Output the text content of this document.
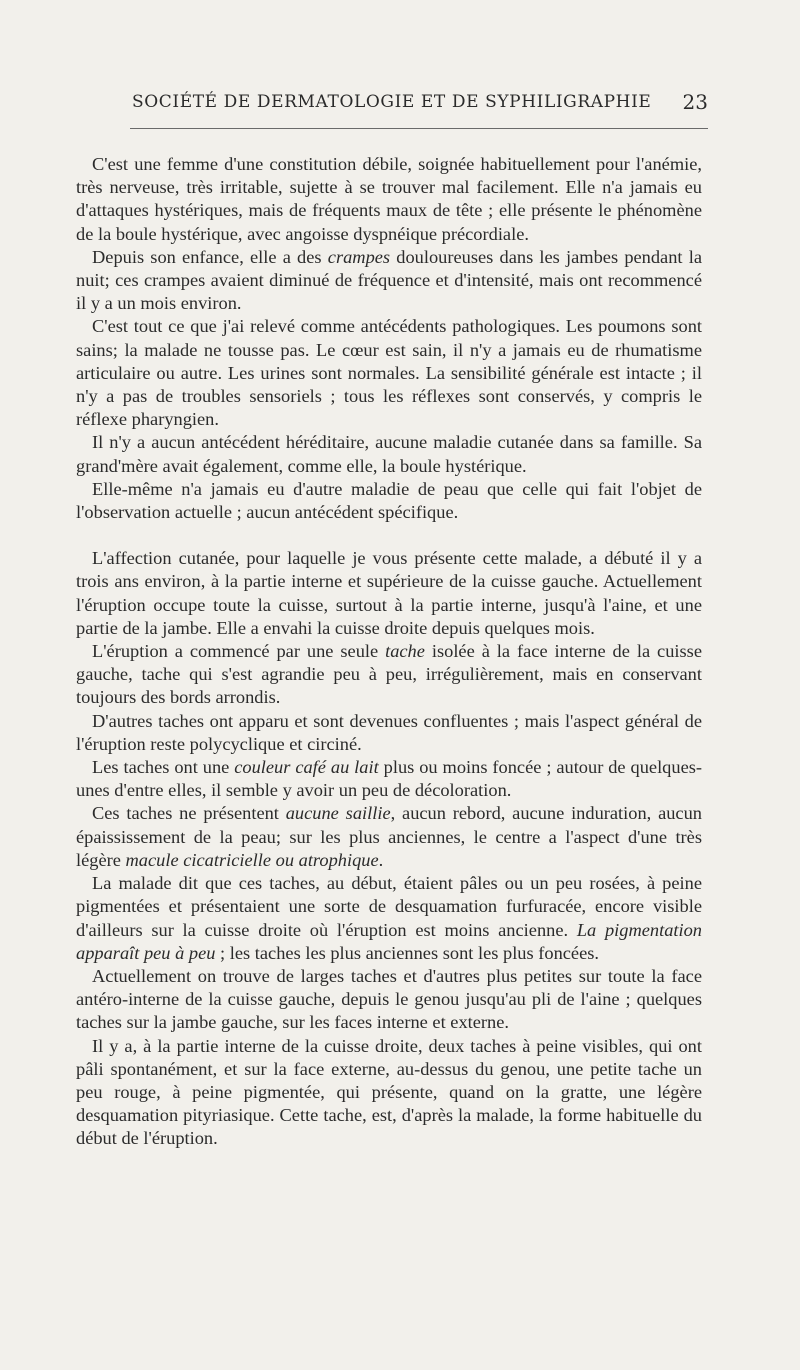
SOCIÉTÉ DE DERMATOLOGIE ET DE SYPHILIGRAPHIE 23

C'est une femme d'une constitution débile, soignée habituellement pour l'anémie, très nerveuse, très irritable, sujette à se trouver mal facilement. Elle n'a jamais eu d'attaques hystériques, mais de fréquents maux de tête ; elle présente le phénomène de la boule hystérique, avec angoisse dyspnéique précordiale.

Depuis son enfance, elle a des crampes douloureuses dans les jambes pendant la nuit; ces crampes avaient diminué de fréquence et d'intensité, mais ont recommencé il y a un mois environ.

C'est tout ce que j'ai relevé comme antécédents pathologiques. Les poumons sont sains; la malade ne tousse pas. Le cœur est sain, il n'y a jamais eu de rhumatisme articulaire ou autre. Les urines sont normales. La sensibilité générale est intacte ; il n'y a pas de troubles sensoriels ; tous les réflexes sont conservés, y compris le réflexe pharyngien.

Il n'y a aucun antécédent héréditaire, aucune maladie cutanée dans sa famille. Sa grand'mère avait également, comme elle, la boule hystérique.

Elle-même n'a jamais eu d'autre maladie de peau que celle qui fait l'objet de l'observation actuelle ; aucun antécédent spécifique.

L'affection cutanée, pour laquelle je vous présente cette malade, a débuté il y a trois ans environ, à la partie interne et supérieure de la cuisse gauche. Actuellement l'éruption occupe toute la cuisse, surtout à la partie interne, jusqu'à l'aine, et une partie de la jambe. Elle a envahi la cuisse droite depuis quelques mois.

L'éruption a commencé par une seule tache isolée à la face interne de la cuisse gauche, tache qui s'est agrandie peu à peu, irrégulièrement, mais en conservant toujours des bords arrondis.

D'autres taches ont apparu et sont devenues confluentes ; mais l'aspect général de l'éruption reste polycyclique et circiné.

Les taches ont une couleur café au lait plus ou moins foncée ; autour de quelques-unes d'entre elles, il semble y avoir un peu de décoloration.

Ces taches ne présentent aucune saillie, aucun rebord, aucune induration, aucun épaississement de la peau; sur les plus anciennes, le centre a l'aspect d'une très légère macule cicatricielle ou atrophique.

La malade dit que ces taches, au début, étaient pâles ou un peu rosées, à peine pigmentées et présentaient une sorte de desquamation furfuracée, encore visible d'ailleurs sur la cuisse droite où l'éruption est moins ancienne. La pigmentation apparaît peu à peu ; les taches les plus anciennes sont les plus foncées.

Actuellement on trouve de larges taches et d'autres plus petites sur toute la face antéro-interne de la cuisse gauche, depuis le genou jusqu'au pli de l'aine ; quelques taches sur la jambe gauche, sur les faces interne et externe.

Il y a, à la partie interne de la cuisse droite, deux taches à peine visibles, qui ont pâli spontanément, et sur la face externe, au-dessus du genou, une petite tache un peu rouge, à peine pigmentée, qui présente, quand on la gratte, une légère desquamation pityriasique. Cette tache, est, d'après la malade, la forme habituelle du début de l'éruption.
